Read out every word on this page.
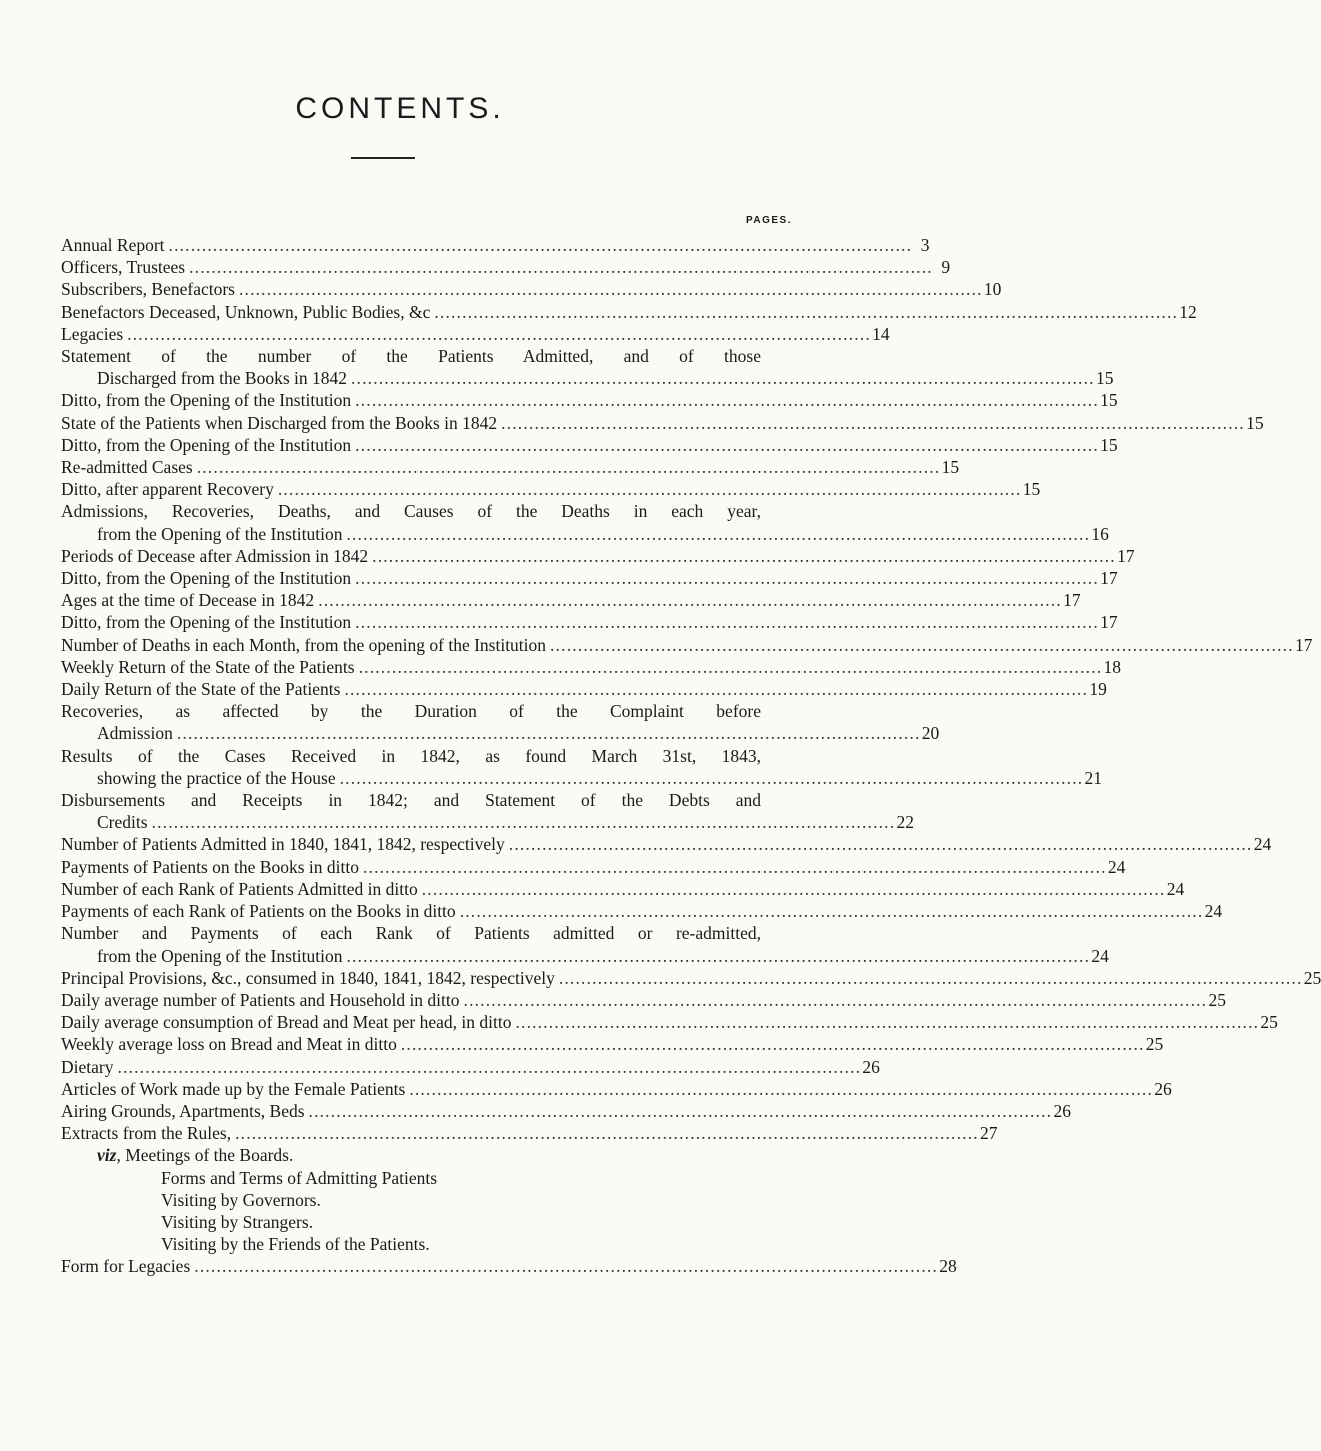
CONTENTS.
PAGES.
Annual Report . . .	3
Officers, Trustees . . .	9
Subscribers, Benefactors . . .	10
Benefactors Deceased, Unknown, Public Bodies, &c . . .	12
Legacies . . .	14
Statement of the number of the Patients Admitted, and of those
Discharged from the Books in 1842 . . .	15
Ditto, from the Opening of the Institution . . .	15
State of the Patients when Discharged from the Books in 1842 . . .	15
Ditto, from the Opening of the Institution . . .	15
Re-admitted Cases . . .	15
Ditto, after apparent Recovery . . .	15
Admissions, Recoveries, Deaths, and Causes of the Deaths in each year,
from the Opening of the Institution . . .	16
Periods of Decease after Admission in 1842 . . .	17
Ditto, from the Opening of the Institution . . .	17
Ages at the time of Decease in 1842 . . .	17
Ditto, from the Opening of the Institution . . .	17
Number of Deaths in each Month, from the opening of the Institution . . .	17
Weekly Return of the State of the Patients . . .	18
Daily Return of the State of the Patients . . .	19
Recoveries, as affected by the Duration of the Complaint before
Admission . . .	20
Results of the Cases Received in 1842, as found March 31st, 1843,
showing the practice of the House . . .	21
Disbursements and Receipts in 1842; and Statement of the Debts and
Credits . . .	22
Number of Patients Admitted in 1840, 1841, 1842, respectively . . .	24
Payments of Patients on the Books in ditto . . .	24
Number of each Rank of Patients Admitted in ditto . . .	24
Payments of each Rank of Patients on the Books in ditto . . .	24
Number and Payments of each Rank of Patients admitted or re-admitted,
from the Opening of the Institution . . .	24
Principal Provisions, &c., consumed in 1840, 1841, 1842, respectively . . .	25
Daily average number of Patients and Household in ditto . . .	25
Daily average consumption of Bread and Meat per head, in ditto . . .	25
Weekly average loss on Bread and Meat in ditto . . .	25
Dietary . . .	26
Articles of Work made up by the Female Patients . . .	26
Airing Grounds, Apartments, Beds . . .	26
Extracts from the Rules, . . .	27
viz, Meetings of the Boards.
Forms and Terms of Admitting Patients
Visiting by Governors.
Visiting by Strangers.
Visiting by the Friends of the Patients.
Form for Legacies . . .	28
